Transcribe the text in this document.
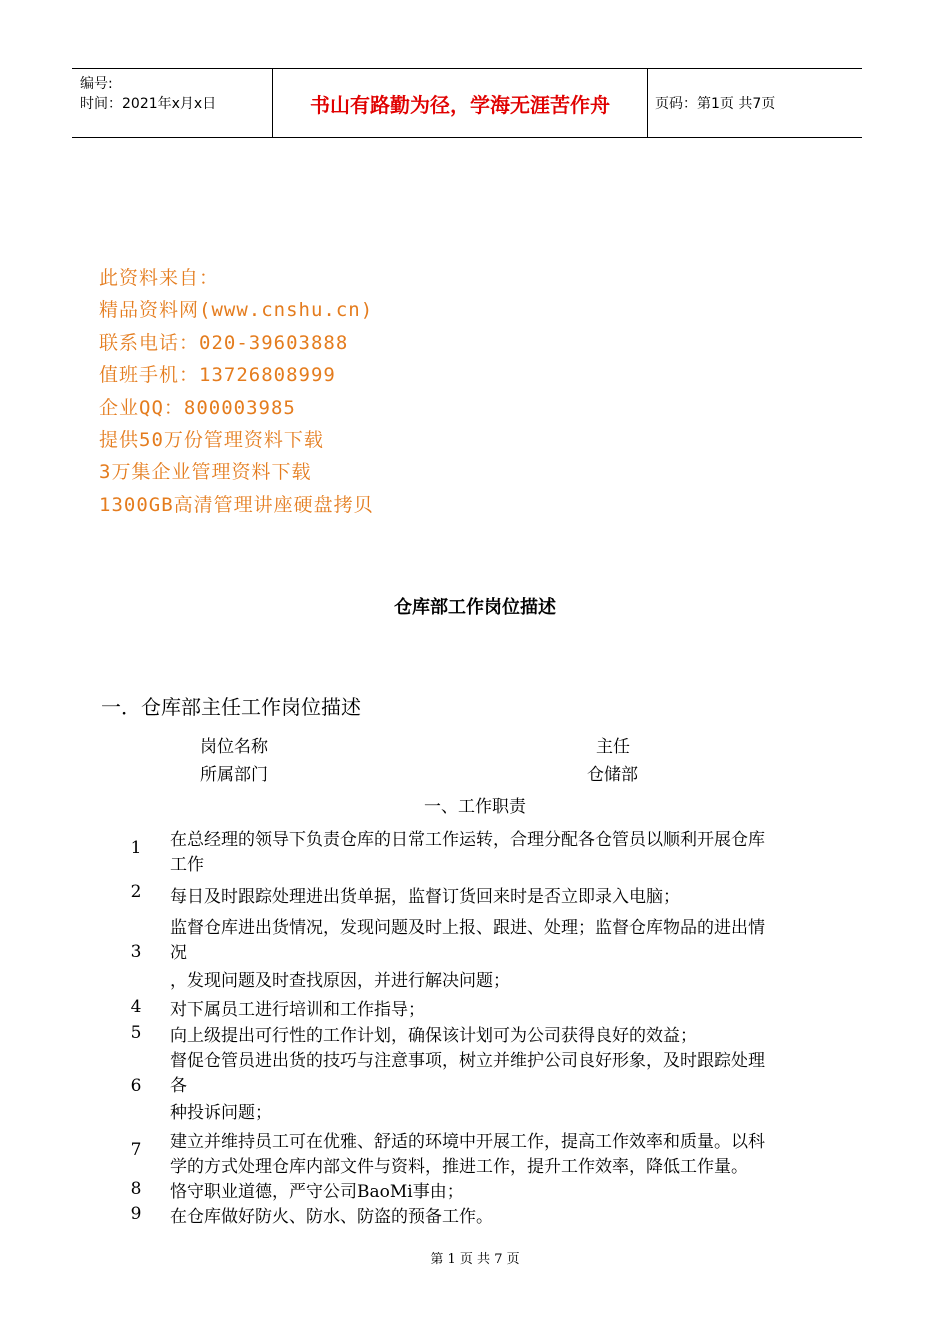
编号:
时间：2021年x月x日	书山有路勤为径，学海无涯苦作舟	页码：第1页 共7页
此资料来自：
精品资料网(www.cnshu.cn)
联系电话：020-39603888
值班手机：13726808999
企业QQ：800003985
提供50万份管理资料下载
3万集企业管理资料下载
1300GB高清管理讲座硬盘拷贝
仓库部工作岗位描述
一．仓库部主任工作岗位描述
岗位名称	主任
所属部门	仓储部
一、工作职责
1 在总经理的领导下负责仓库的日常工作运转，合理分配各仓管员以顺利开展仓库
工作
2 每日及时跟踪处理进出货单据，监督订货回来时是否立即录入电脑；
3
监督仓库进出货情况，发现问题及时上报、跟进、处理；监督仓库物品的进出情
况
，发现问题及时查找原因，并进行解决问题；
4 对下属员工进行培训和工作指导；
5 向上级提出可行性的工作计划，确保该计划可为公司获得良好的效益；
6
督促仓管员进出货的技巧与注意事项，树立并维护公司良好形象，及时跟踪处理
各
种投诉问题；
7 建立并维持员工可在优雅、舒适的环境中开展工作，提高工作效率和质量。以科
学的方式处理仓库内部文件与资料，推进工作，提升工作效率，降低工作量。
8 恪守职业道德，严守公司BaoMi事由；
9 在仓库做好防火、防水、防盗的预备工作。
第 1 页 共 7 页
